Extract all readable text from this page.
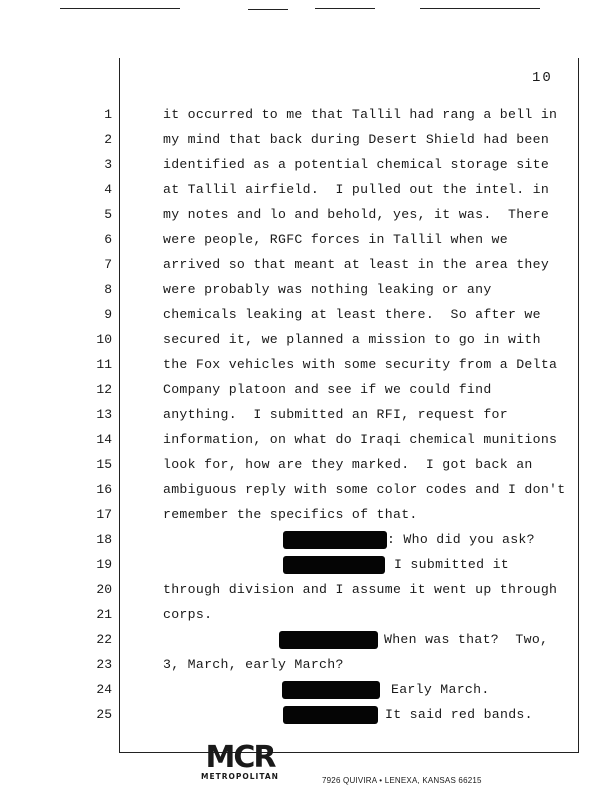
10
1
2
3
4
5
6
7
8
9
10
11
12
13
14
15
16
17
18
19
20
21
22
23
24
25
it occurred to me that Tallil had rang a bell in
my mind that back during Desert Shield had been
identified as a potential chemical storage site
at Tallil airfield.  I pulled out the intel. in
my notes and lo and behold, yes, it was.  There
were people, RGFC forces in Tallil when we
arrived so that meant at least in the area they
were probably was nothing leaking or any
chemicals leaking at least there.  So after we
secured it, we planned a mission to go in with
the Fox vehicles with some security from a Delta
Company platoon and see if we could find
anything.  I submitted an RFI, request for
information, on what do Iraqi chemical munitions
look for, how are they marked.  I got back an
ambiguous reply with some color codes and I don't
remember the specifics of that.
: Who did you ask?
I submitted it
through division and I assume it went up through
corps.
When was that?  Two,
3, March, early March?
Early March.
It said red bands.
MCR
METROPOLITAN	7926 QUIVIRA • LENEXA, KANSAS 66215
